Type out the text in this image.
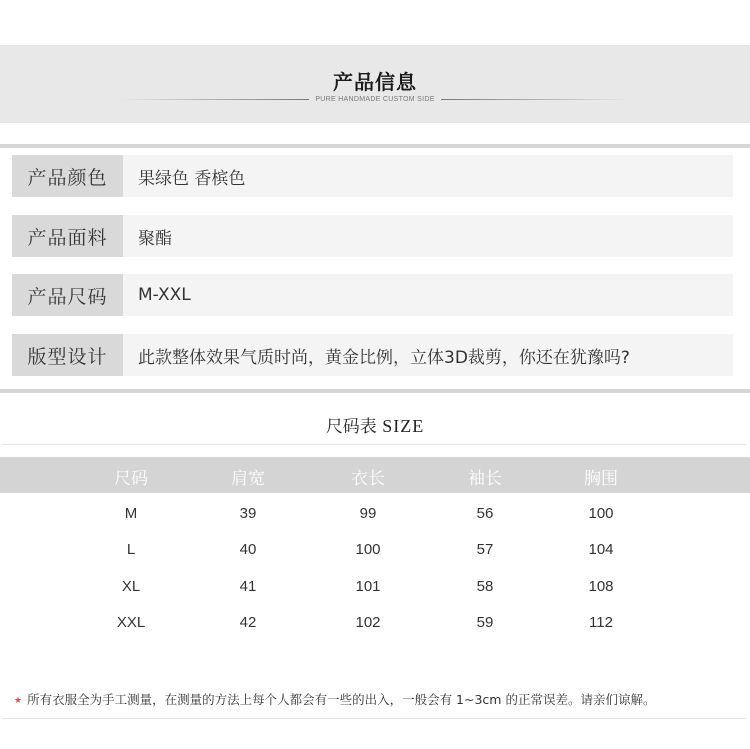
产品信息
PURE HANDMADE CUSTOM SIDE
产品颜色	果绿色 香槟色
产品面料	聚酯
产品尺码	M-XXL
版型设计	此款整体效果气质时尚，黄金比例，立体3D裁剪，你还在犹豫吗?
尺码表 SIZE
尺码	肩宽	衣长	袖长	胸围
M	39	99	56	100
L	40	100	57	104
XL	41	101	58	108
XXL	42	102	59	112
★ 所有衣服全为手工测量，在测量的方法上每个人都会有一些的出入，一般会有 1~3cm 的正常误差。请亲们谅解。
